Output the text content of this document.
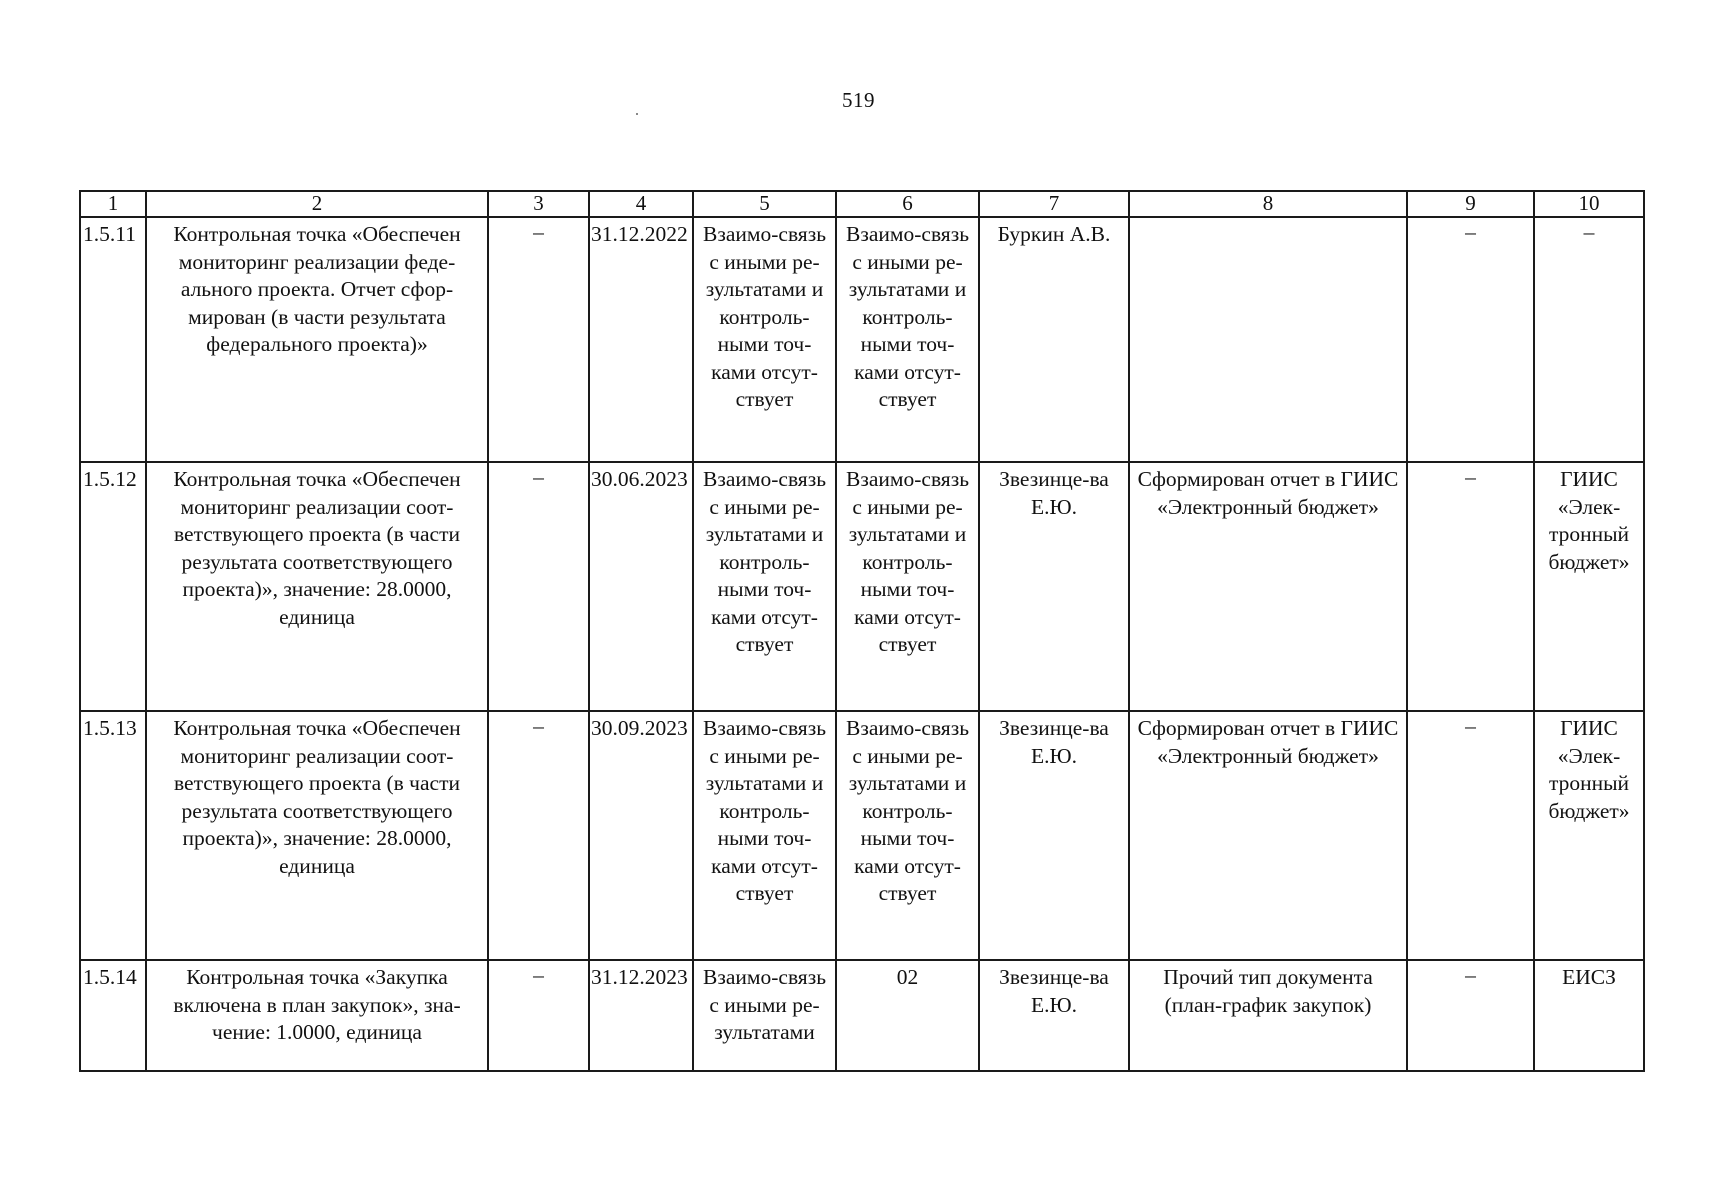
519
1	2	3	4	5	6	7	8	9	10
1.5.11	Контрольная точка «Обеспечен мониторинг реализации феде-ального проекта. Отчет сфор-мирован (в части результата федерального проекта)»	–	31.12.2022	Взаимо-связь с иными ре-зультатами и контроль-ными точ-ками отсут-ствует	Взаимо-связь с иными ре-зультатами и контроль-ными точ-ками отсут-ствует	Буркин А.В.		–	–
1.5.12	Контрольная точка «Обеспечен мониторинг реализации соот-ветствующего проекта (в части результата соответствующего проекта)», значение: 28.0000, единица	–	30.06.2023	Взаимо-связь с иными ре-зультатами и контроль-ными точ-ками отсут-ствует	Взаимо-связь с иными ре-зультатами и контроль-ными точ-ками отсут-ствует	Звезинце-ва Е.Ю.	Сформирован отчет в ГИИС «Электронный бюджет»	–	ГИИС «Элек-тронный бюджет»
1.5.13	Контрольная точка «Обеспечен мониторинг реализации соот-ветствующего проекта (в части результата соответствующего проекта)», значение: 28.0000, единица	–	30.09.2023	Взаимо-связь с иными ре-зультатами и контроль-ными точ-ками отсут-ствует	Взаимо-связь с иными ре-зультатами и контроль-ными точ-ками отсут-ствует	Звезинце-ва Е.Ю.	Сформирован отчет в ГИИС «Электронный бюджет»	–	ГИИС «Элек-тронный бюджет»
1.5.14	Контрольная точка «Закупка включена в план закупок», зна-чение: 1.0000, единица	–	31.12.2023	Взаимо-связь с иными ре-зультатами	02	Звезинце-ва Е.Ю.	Прочий тип документа (план-график закупок)	–	ЕИСЗ
